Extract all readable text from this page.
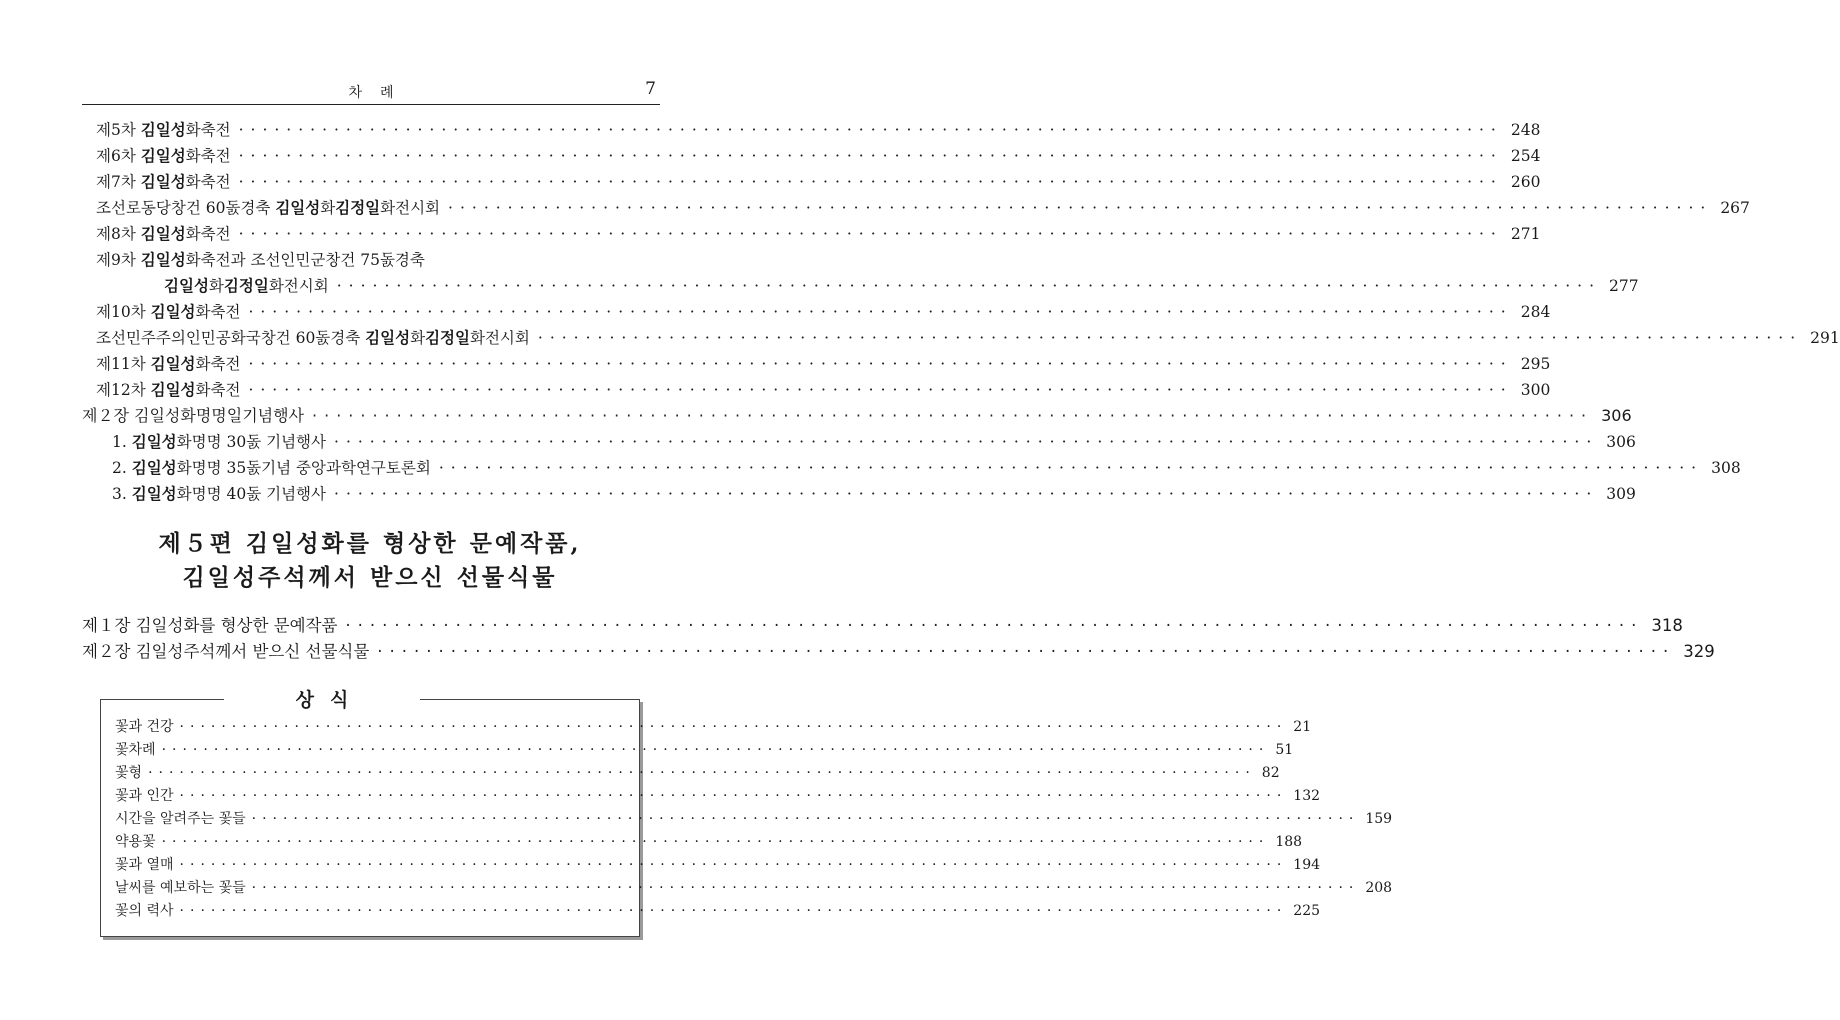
차례	7
제5차 김일성화축전 ·········································································································· 248
제6차 김일성화축전 ·········································································································· 254
제7차 김일성화축전 ·········································································································· 260
조선로동당창건 60돐경축 김일성화김정일화전시회 ·········································································································· 267
제8차 김일성화축전 ·········································································································· 271
제9차 김일성화축전과 조선인민군창건 75돐경축
김일성화김정일화전시회 ·········································································································· 277
제10차 김일성화축전 ·········································································································· 284
조선민주주의인민공화국창건 60돐경축 김일성화김정일화전시회 ·········································································································· 291
제11차 김일성화축전 ·········································································································· 295
제12차 김일성화축전 ·········································································································· 300
제２장 김일성화명명일기념행사 ·········································································································· 306
1. 김일성화명명 30돐 기념행사 ·········································································································· 306
2. 김일성화명명 35돐기념 중앙과학연구토론회 ·········································································································· 308
3. 김일성화명명 40돐 기념행사 ·········································································································· 309
제５편 김일성화를 형상한 문예작품,
김일성주석께서 받으신 선물식물
제１장 김일성화를 형상한 문예작품 ·········································································································· 318
제２장 김일성주석께서 받으신 선물식물 ·········································································································· 329
꽃과 건강 ·········································································································· 21
꽃차례 ·········································································································· 51
꽃형 ·········································································································· 82
꽃과 인간 ·········································································································· 132
시간을 알려주는 꽃들 ·········································································································· 159
약용꽃 ·········································································································· 188
꽃과 열매 ·········································································································· 194
날씨를 예보하는 꽃들 ·········································································································· 208
꽃의 력사 ·········································································································· 225
상식
